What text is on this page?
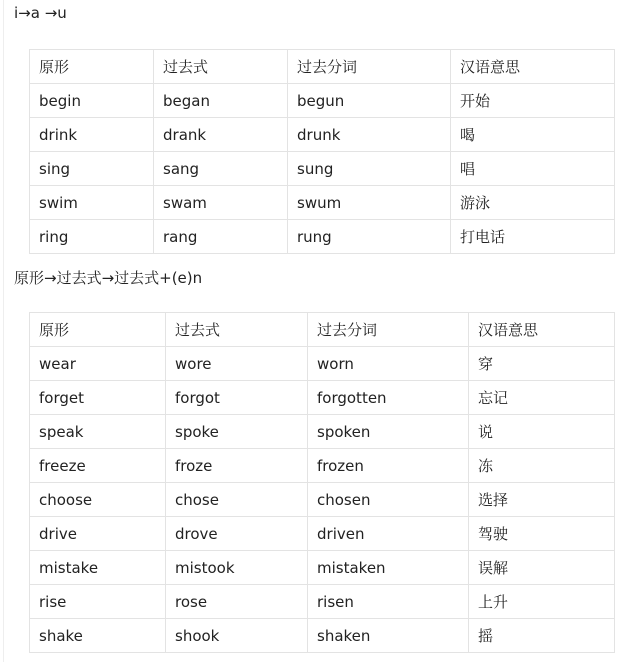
i→a →u
原形	过去式	过去分词	汉语意思
begin	began	begun	开始
drink	drank	drunk	喝
sing	sang	sung	唱
swim	swam	swum	游泳
ring	rang	rung	打电话
原形→过去式→过去式+(e)n
原形	过去式	过去分词	汉语意思
wear	wore	worn	穿
forget	forgot	forgotten	忘记
speak	spoke	spoken	说
freeze	froze	frozen	冻
choose	chose	chosen	选择
drive	drove	driven	驾驶
mistake	mistook	mistaken	误解
rise	rose	risen	上升
shake	shook	shaken	摇
